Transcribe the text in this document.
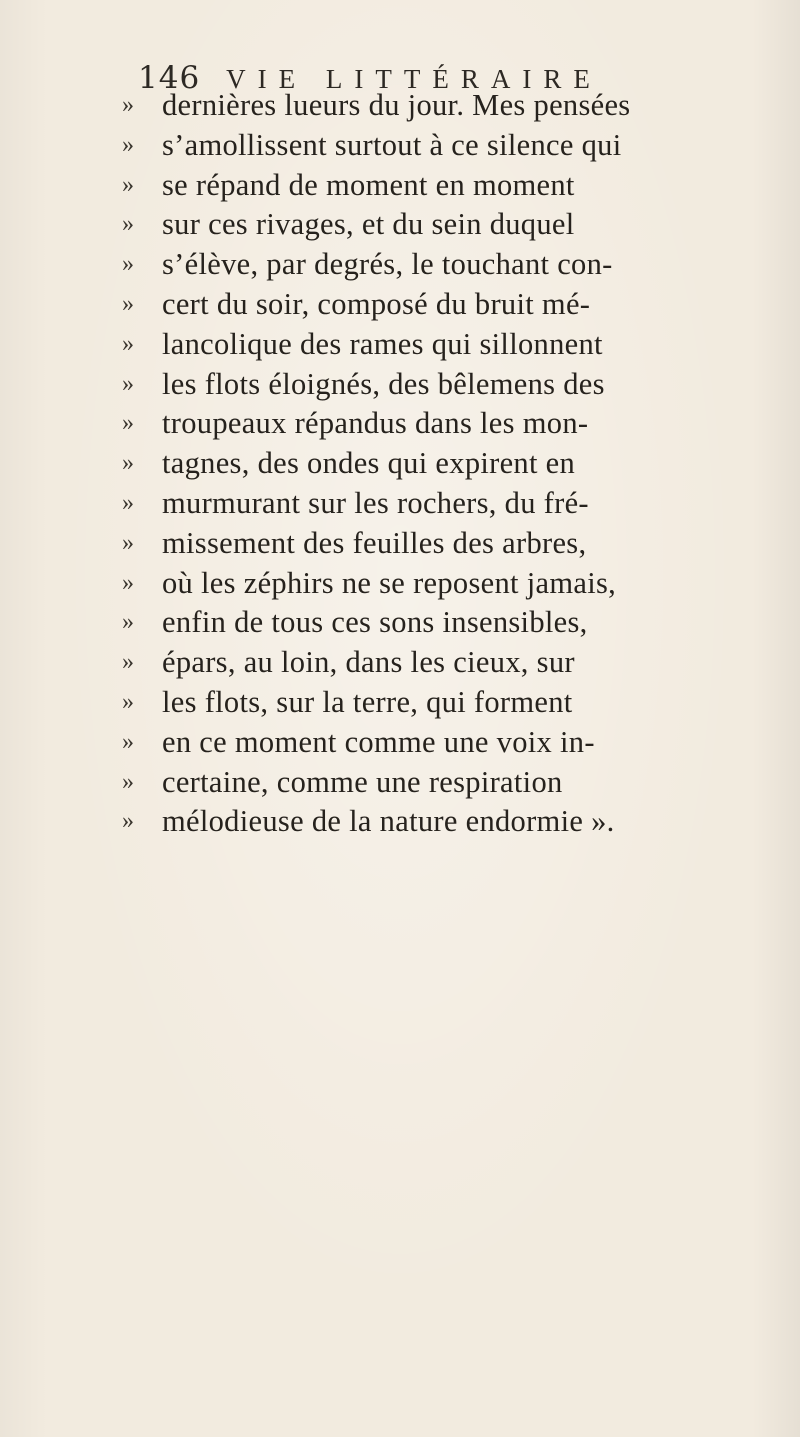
146 VIE LITTÉRAIRE
» dernières lueurs du jour. Mes pensées
» s’amollissent surtout à ce silence qui
» se répand de moment en moment
» sur ces rivages, et du sein duquel
» s’élève, par degrés, le touchant con-
» cert du soir, composé du bruit mé-
» lancolique des rames qui sillonnent
» les flots éloignés, des bêlemens des
» troupeaux répandus dans les mon-
» tagnes, des ondes qui expirent en
» murmurant sur les rochers, du fré-
» missement des feuilles des arbres,
» où les zéphirs ne se reposent jamais,
» enfin de tous ces sons insensibles,
» épars, au loin, dans les cieux, sur
» les flots, sur la terre, qui forment
» en ce moment comme une voix in-
» certaine, comme une respiration
» mélodieuse de la nature endormie ».
